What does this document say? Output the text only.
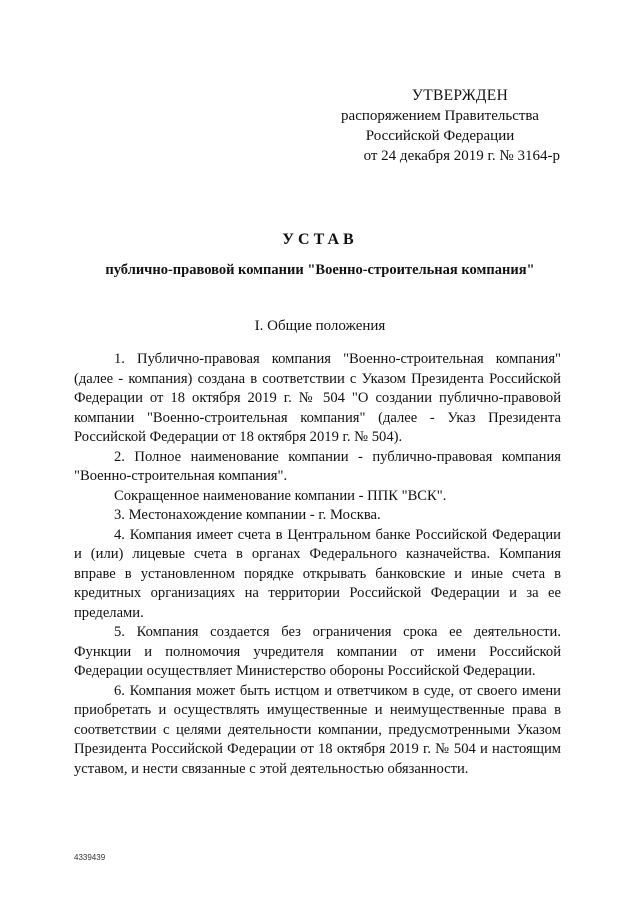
УТВЕРЖДЕН
распоряжением Правительства
Российской Федерации
от 24 декабря 2019 г. № 3164-р
УСТАВ
публично-правовой компании "Военно-строительная компания"
I. Общие положения

1. Публично-правовая компания "Военно-строительная компания" (далее - компания) создана в соответствии с Указом Президента Российской Федерации от 18 октября 2019 г. № 504 "О создании публично-правовой компании "Военно-строительная компания" (далее - Указ Президента Российской Федерации от 18 октября 2019 г. № 504).

2. Полное наименование компании - публично-правовая компания "Военно-строительная компания".

Сокращенное наименование компании - ППК "ВСК".

3. Местонахождение компании - г. Москва.

4. Компания имеет счета в Центральном банке Российской Федерации и (или) лицевые счета в органах Федерального казначейства. Компания вправе в установленном порядке открывать банковские и иные счета в кредитных организациях на территории Российской Федерации и за ее пределами.

5. Компания создается без ограничения срока ее деятельности. Функции и полномочия учредителя компании от имени Российской Федерации осуществляет Министерство обороны Российской Федерации.

6. Компания может быть истцом и ответчиком в суде, от своего имени приобретать и осуществлять имущественные и неимущественные права в соответствии с целями деятельности компании, предусмотренными Указом Президента Российской Федерации от 18 октября 2019 г. № 504 и настоящим уставом, и нести связанные с этой деятельностью обязанности.

4339439
